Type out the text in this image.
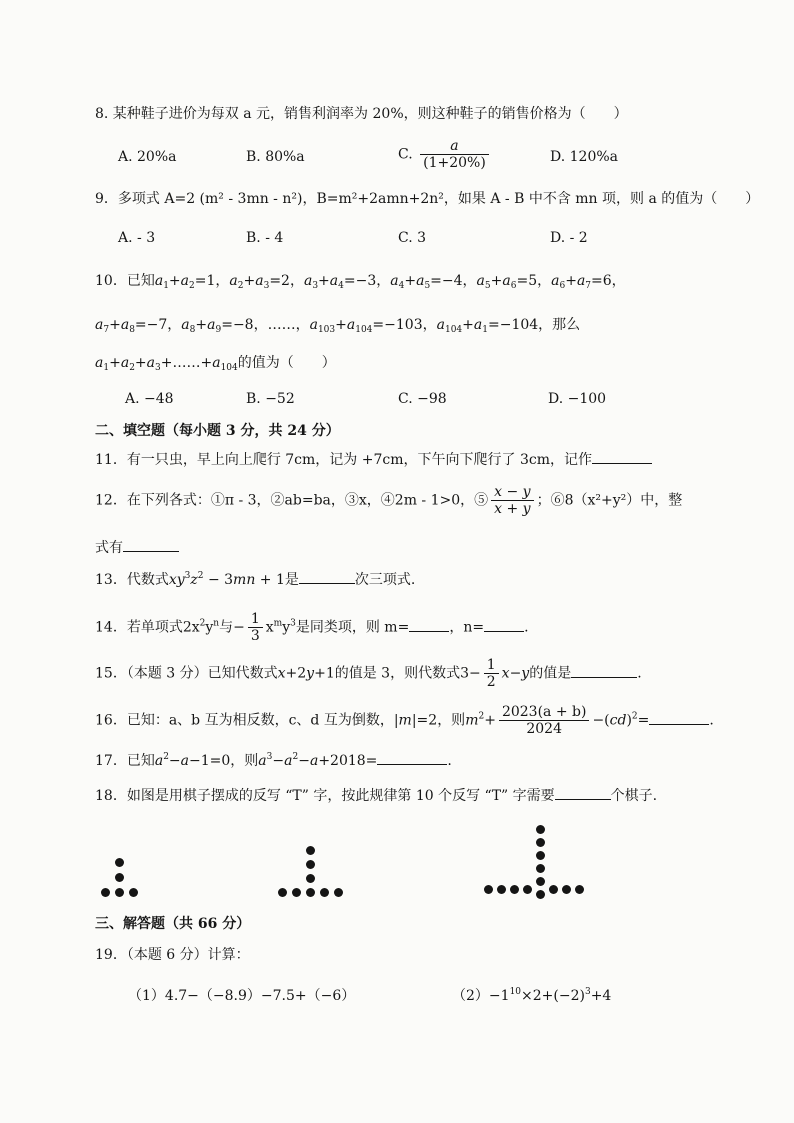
8. 某种鞋子进价为每双 a 元，销售利润率为 20%，则这种鞋子的销售价格为（　　）
A. 20%a	B. 80%a	C. $\frac{a}{(1+20\%)}$	D. 120%a
9．多项式 A=2 (m² - 3mn - n²)，B=m²+2amn+2n²，如果 A - B 中不含 mn 项，则 a 的值为（　　）
A. - 3	B. - 4	C. 3	D. - 2
10．已知$a_1+a_2=1$，$a_2+a_3=2$，$a_3+a_4=-3$，$a_4+a_5=-4$，$a_5+a_6=5$，$a_6+a_7=6$，
$a_7+a_8=-7$，$a_8+a_9=-8$，……，$a_{103}+a_{104}=-103$，$a_{104}+a_1=-104$，那么
$a_1+a_2+a_3+\dots\dots+a_{104}$的值为（　　）
A. −48	B. −52	C. −98	D. −100
二、填空题（每小题 3 分，共 24 分）
11．有一只虫，早上向上爬行 7cm，记为 +7cm，下午向下爬行了 3cm，记作
12．在下列各式：①π - 3，②ab=ba，③x，④2m - 1>0，⑤ $\frac{x - y}{x + y}$ ；⑥8（x²+y²）中，整
式有
13．代数式$xy^3z^2 - 3mn + 1$是	次三项式.
14．若单项式$2x^2y^n$与− $\frac{1}{3} x^my^3$是同类项，则 m=	，n=	.
15．（本题 3 分）已知代数式x+2y+1的值是 3，则代数式$3- \frac{1}{2} x-y$的值是	.
16．已知：a、b 互为相反数，c、d 互为倒数，|m|=2，则$m^2+ \frac{2023(a + b)}{2024} -(cd)^2=$	.
17．已知$a^2-a-1=0$，则$a^3-a^2-a+2018=$	.
18．如图是用棋子摆成的反写 “T” 字，按此规律第 10 个反写 “T” 字需要	个棋子.
三、解答题（共 66 分）
19．（本题 6 分）计算：
（1）4.7−（−8.9）−7.5+（−6）	$(2)-1^{10}\times 2+(-2)^3+4$
